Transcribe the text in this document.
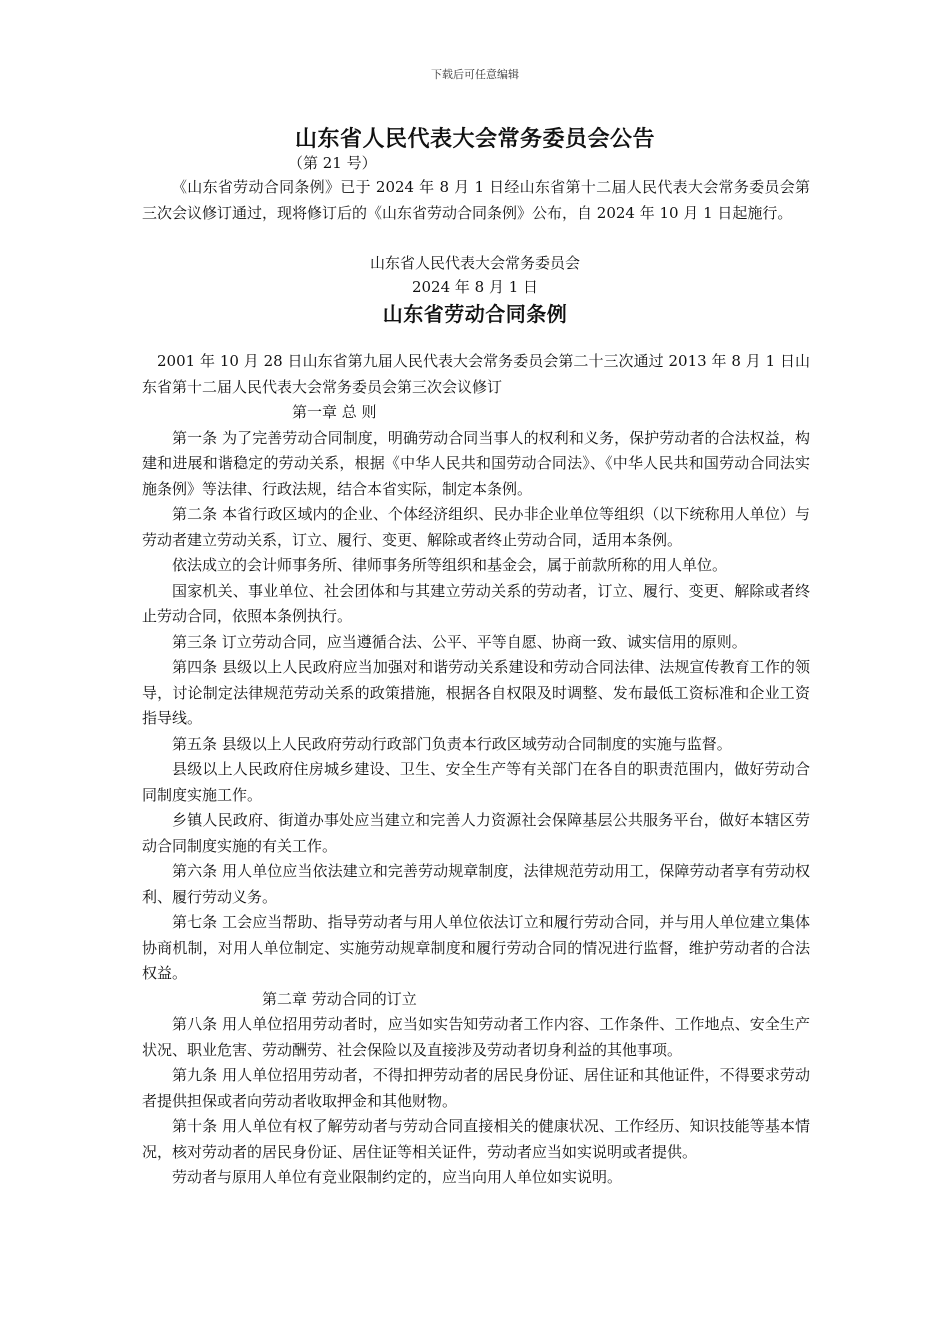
下载后可任意编辑
山东省人民代表大会常务委员会公告
（第 21 号）

《山东省劳动合同条例》已于 2024 年 8 月 1 日经山东省第十二届人民代表大会常务委员会第三次会议修订通过，现将修订后的《山东省劳动合同条例》公布，自 2024 年 10 月 1 日起施行。

山东省人民代表大会常务委员会
2024 年 8 月 1 日
山东省劳动合同条例

2001 年 10 月 28 日山东省第九届人民代表大会常务委员会第二十三次通过 2013 年 8 月 1 日山东省第十二届人民代表大会常务委员会第三次会议修订

第一章 总 则

第一条 为了完善劳动合同制度，明确劳动合同当事人的权利和义务，保护劳动者的合法权益，构建和进展和谐稳定的劳动关系，根据《中华人民共和国劳动合同法》、《中华人民共和国劳动合同法实施条例》等法律、行政法规，结合本省实际，制定本条例。

第二条 本省行政区域内的企业、个体经济组织、民办非企业单位等组织（以下统称用人单位）与劳动者建立劳动关系，订立、履行、变更、解除或者终止劳动合同，适用本条例。

依法成立的会计师事务所、律师事务所等组织和基金会，属于前款所称的用人单位。

国家机关、事业单位、社会团体和与其建立劳动关系的劳动者，订立、履行、变更、解除或者终止劳动合同，依照本条例执行。

第三条 订立劳动合同，应当遵循合法、公平、平等自愿、协商一致、诚实信用的原则。

第四条 县级以上人民政府应当加强对和谐劳动关系建设和劳动合同法律、法规宣传教育工作的领导，讨论制定法律规范劳动关系的政策措施，根据各自权限及时调整、发布最低工资标准和企业工资指导线。

第五条 县级以上人民政府劳动行政部门负责本行政区域劳动合同制度的实施与监督。

县级以上人民政府住房城乡建设、卫生、安全生产等有关部门在各自的职责范围内，做好劳动合同制度实施工作。

乡镇人民政府、街道办事处应当建立和完善人力资源社会保障基层公共服务平台，做好本辖区劳动合同制度实施的有关工作。

第六条 用人单位应当依法建立和完善劳动规章制度，法律规范劳动用工，保障劳动者享有劳动权利、履行劳动义务。

第七条 工会应当帮助、指导劳动者与用人单位依法订立和履行劳动合同，并与用人单位建立集体协商机制，对用人单位制定、实施劳动规章制度和履行劳动合同的情况进行监督，维护劳动者的合法权益。

第二章 劳动合同的订立

第八条 用人单位招用劳动者时，应当如实告知劳动者工作内容、工作条件、工作地点、安全生产状况、职业危害、劳动酬劳、社会保险以及直接涉及劳动者切身利益的其他事项。

第九条 用人单位招用劳动者，不得扣押劳动者的居民身份证、居住证和其他证件，不得要求劳动者提供担保或者向劳动者收取押金和其他财物。

第十条 用人单位有权了解劳动者与劳动合同直接相关的健康状况、工作经历、知识技能等基本情况，核对劳动者的居民身份证、居住证等相关证件，劳动者应当如实说明或者提供。

劳动者与原用人单位有竞业限制约定的，应当向用人单位如实说明。
